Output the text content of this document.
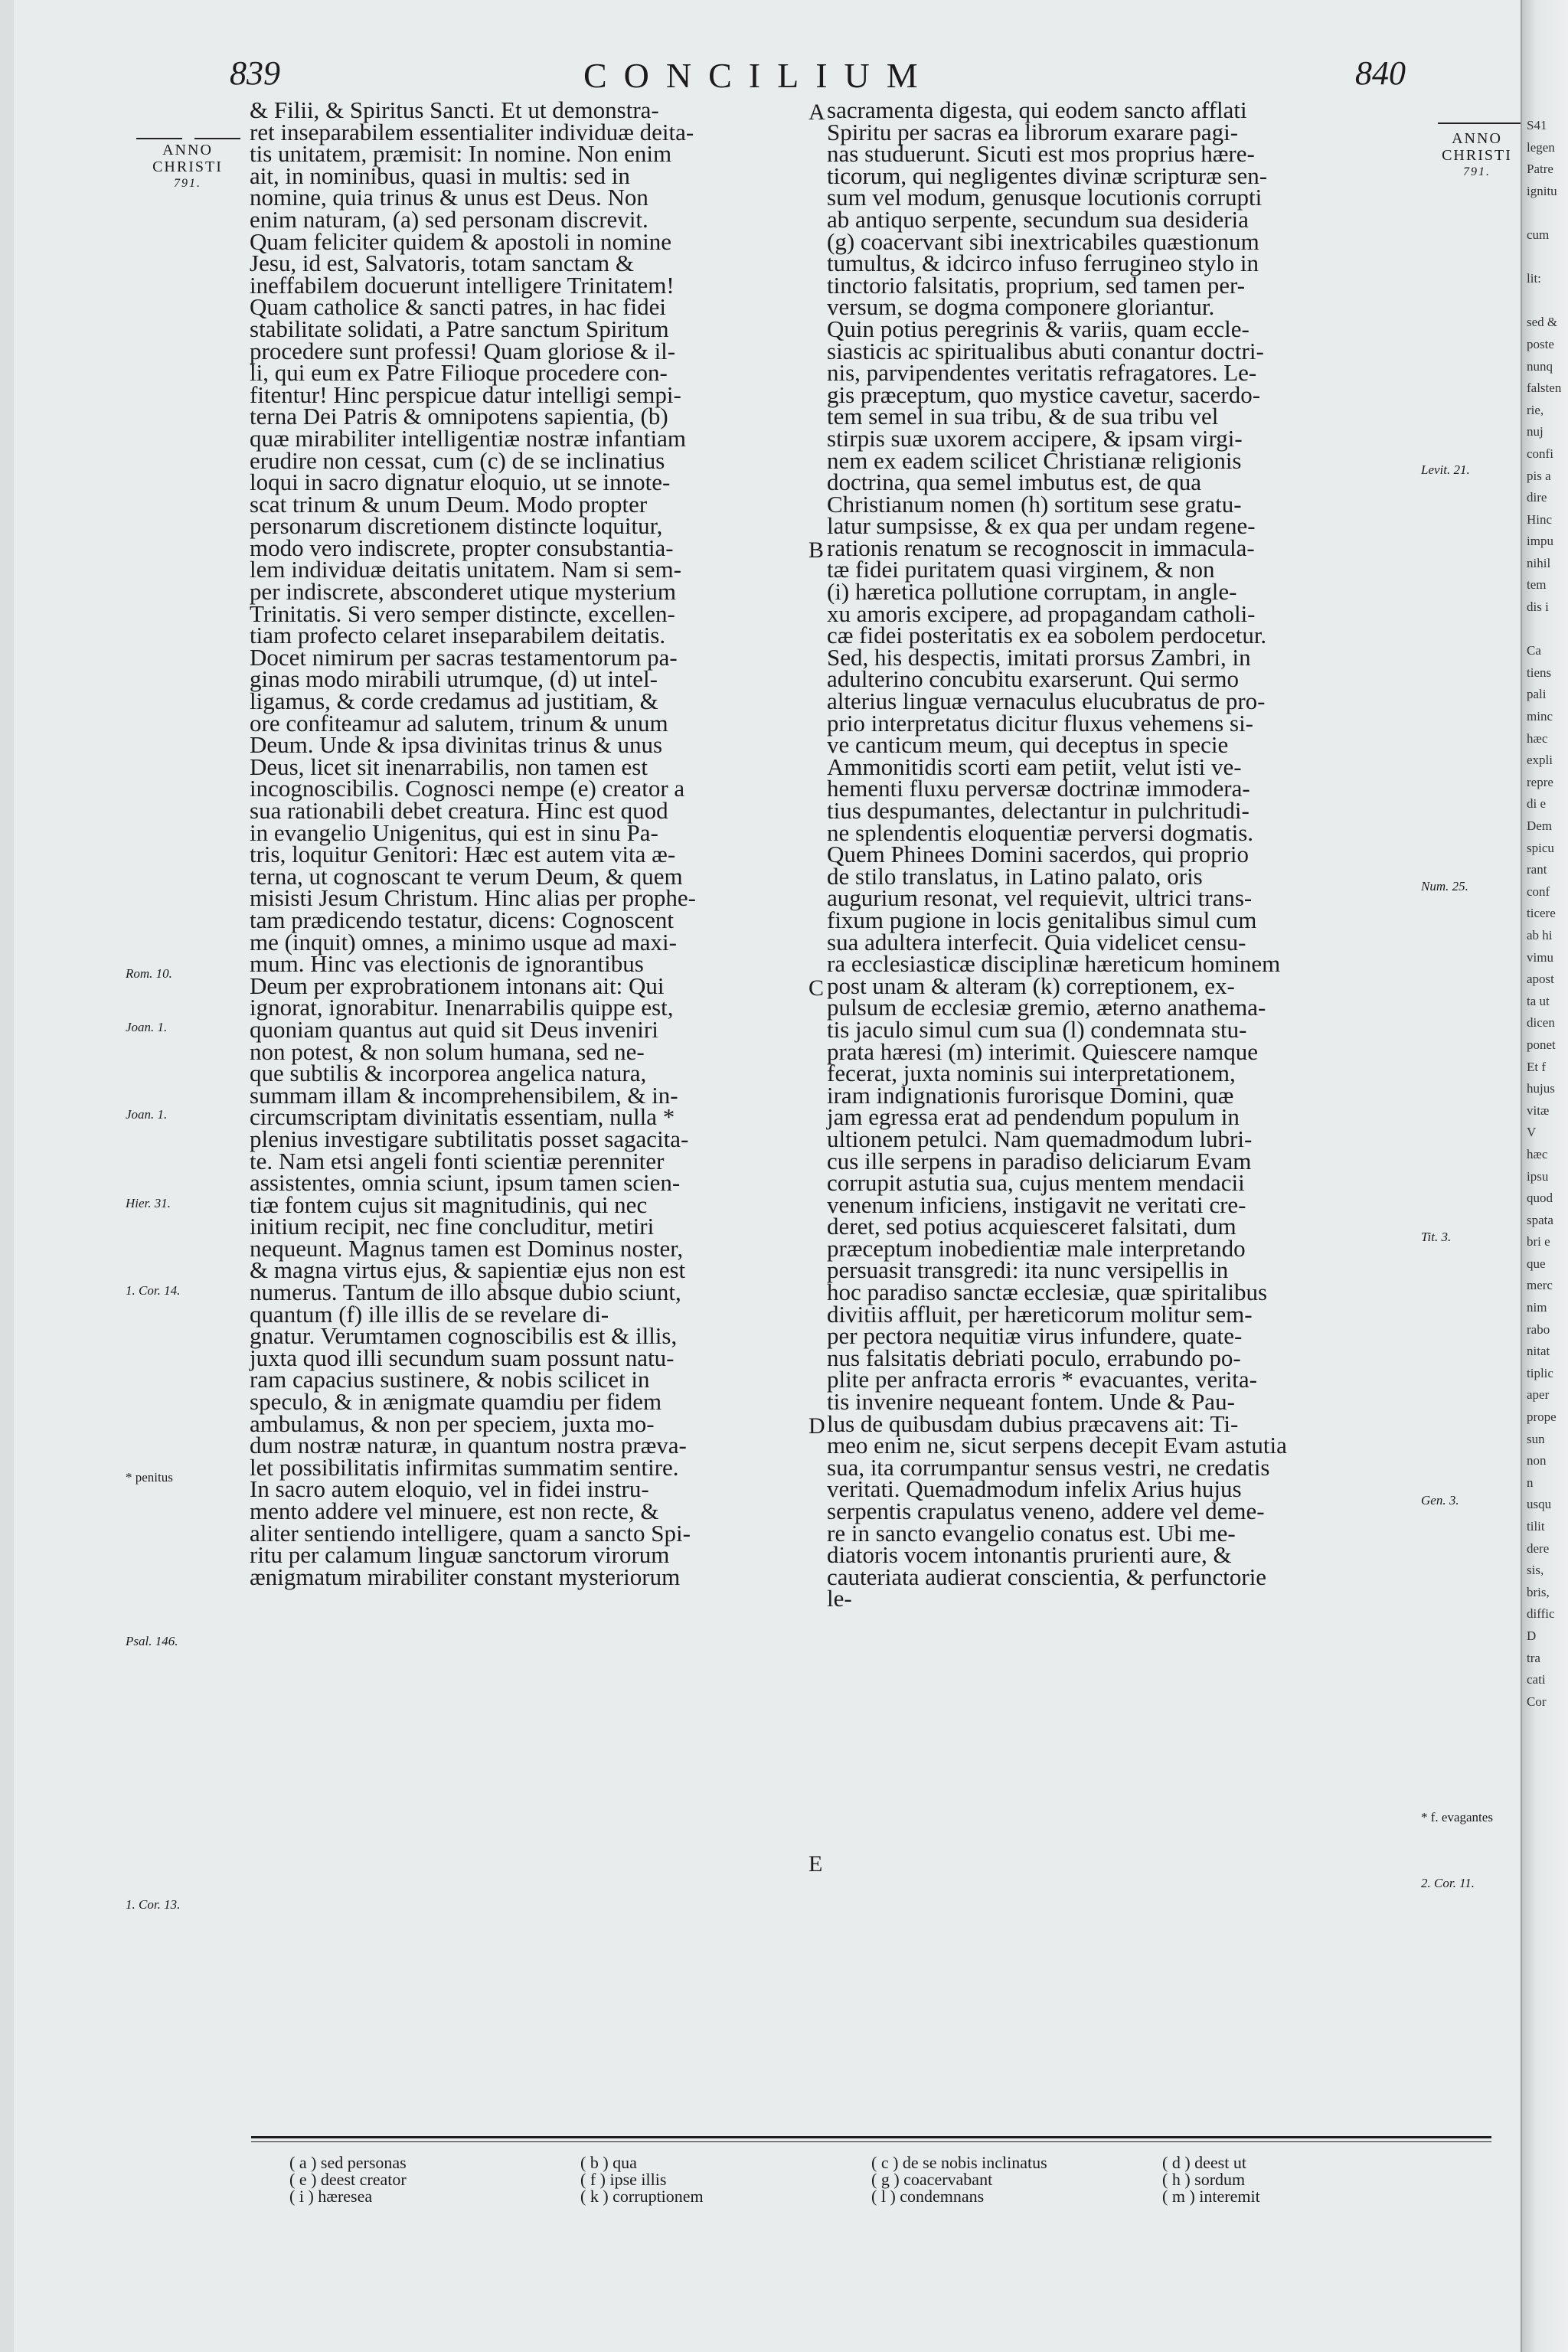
839	CONCILIUM	840
ANNO
CHRISTI
791.
ANNO
CHRISTI
791.
& Filii, & Spiritus Sancti. Et ut demonstra-
ret inseparabilem essentialiter individuæ deita-
tis unitatem, præmisit: In nomine. Non enim
ait, in nominibus, quasi in multis: sed in
nomine, quia trinus & unus est Deus. Non
enim naturam, (a) sed personam discrevit.
Quam feliciter quidem & apostoli in nomine
Jesu, id est, Salvatoris, totam sanctam &
ineffabilem docuerunt intelligere Trinitatem!
Quam catholice & sancti patres, in hac fidei
stabilitate solidati, a Patre sanctum Spiritum
procedere sunt professi! Quam gloriose & il-
li, qui eum ex Patre Filioque procedere con-
fitentur! Hinc perspicue datur intelligi sempi-
terna Dei Patris & omnipotens sapientia, (b)
quæ mirabiliter intelligentiæ nostræ infantiam
erudire non cessat, cum (c) de se inclinatius
loqui in sacro dignatur eloquio, ut se innote-
scat trinum & unum Deum. Modo propter
personarum discretionem distincte loquitur,
modo vero indiscrete, propter consubstantia-
lem individuæ deitatis unitatem. Nam si sem-
per indiscrete, absconderet utique mysterium
Trinitatis. Si vero semper distincte, excellen-
tiam profecto celaret inseparabilem deitatis.
Docet nimirum per sacras testamentorum pa-
ginas modo mirabili utrumque, (d) ut intel-
ligamus, & corde credamus ad justitiam, &
ore confiteamur ad salutem, trinum & unum
Deum. Unde & ipsa divinitas trinus & unus
Deus, licet sit inenarrabilis, non tamen est
incognoscibilis. Cognosci nempe (e) creator a
sua rationabili debet creatura. Hinc est quod
in evangelio Unigenitus, qui est in sinu Pa-
tris, loquitur Genitori: Hæc est autem vita æ-
terna, ut cognoscant te verum Deum, & quem
misisti Jesum Christum. Hinc alias per prophe-
tam prædicendo testatur, dicens: Cognoscent
me (inquit) omnes, a minimo usque ad maxi-
mum. Hinc vas electionis de ignorantibus
Deum per exprobrationem intonans ait: Qui
ignorat, ignorabitur. Inenarrabilis quippe est,
quoniam quantus aut quid sit Deus inveniri
non potest, & non solum humana, sed ne-
que subtilis & incorporea angelica natura,
summam illam & incomprehensibilem, & in-
circumscriptam divinitatis essentiam, nulla *
plenius investigare subtilitatis posset sagacita-
te. Nam etsi angeli fonti scientiæ perenniter
assistentes, omnia sciunt, ipsum tamen scien-
tiæ fontem cujus sit magnitudinis, qui nec
initium recipit, nec fine concluditur, metiri
nequeunt. Magnus tamen est Dominus noster,
& magna virtus ejus, & sapientiæ ejus non est
numerus. Tantum de illo absque dubio sciunt,
quantum (f) ille illis de se revelare di-
gnatur. Verumtamen cognoscibilis est & illis,
juxta quod illi secundum suam possunt natu-
ram capacius sustinere, & nobis scilicet in
speculo, & in ænigmate quamdiu per fidem
ambulamus, & non per speciem, juxta mo-
dum nostræ naturæ, in quantum nostra præva-
let possibilitatis infirmitas summatim sentire.
In sacro autem eloquio, vel in fidei instru-
mento addere vel minuere, est non recte, &
aliter sentiendo intelligere, quam a sancto Spi-
ritu per calamum linguæ sanctorum virorum
ænigmatum mirabiliter constant mysteriorum
sacramenta digesta, qui eodem sancto afflati
Spiritu per sacras ea librorum exarare pagi-
nas studuerunt. Sicuti est mos proprius hære-
ticorum, qui negligentes divinæ scripturæ sen-
sum vel modum, genusque locutionis corrupti
ab antiquo serpente, secundum sua desideria
(g) coacervant sibi inextricabiles quæstionum
tumultus, & idcirco infuso ferrugineo stylo in
tinctorio falsitatis, proprium, sed tamen per-
versum, se dogma componere gloriantur.
Quin potius peregrinis & variis, quam eccle-
siasticis ac spiritualibus abuti conantur doctri-
nis, parvipendentes veritatis refragatores. Le-
gis præceptum, quo mystice cavetur, sacerdo-
tem semel in sua tribu, & de sua tribu vel
stirpis suæ uxorem accipere, & ipsam virgi-
nem ex eadem scilicet Christianæ religionis
doctrina, qua semel imbutus est, de qua
Christianum nomen (h) sortitum sese gratu-
latur sumpsisse, & ex qua per undam regene-
rationis renatum se recognoscit in immacula-
tæ fidei puritatem quasi virginem, & non
(i) hæretica pollutione corruptam, in angle-
xu amoris excipere, ad propagandam catholi-
cæ fidei posteritatis ex ea sobolem perdocetur.
Sed, his despectis, imitati prorsus Zambri, in
adulterino concubitu exarserunt. Qui sermo
alterius linguæ vernaculus elucubratus de pro-
prio interpretatus dicitur fluxus vehemens si-
ve canticum meum, qui deceptus in specie
Ammonitidis scorti eam petiit, velut isti ve-
hementi fluxu perversæ doctrinæ immodera-
tius despumantes, delectantur in pulchritudi-
ne splendentis eloquentiæ perversi dogmatis.
Quem Phinees Domini sacerdos, qui proprio
de stilo translatus, in Latino palato, oris
augurium resonat, vel requievit, ultrici trans-
fixum pugione in locis genitalibus simul cum
sua adultera interfecit. Quia videlicet censu-
ra ecclesiasticæ disciplinæ hæreticum hominem
post unam & alteram (k) correptionem, ex-
pulsum de ecclesiæ gremio, æterno anathema-
tis jaculo simul cum sua (l) condemnata stu-
prata hæresi (m) interimit. Quiescere namque
fecerat, juxta nominis sui interpretationem,
iram indignationis furorisque Domini, quæ
jam egressa erat ad pendendum populum in
ultionem petulci. Nam quemadmodum lubri-
cus ille serpens in paradiso deliciarum Evam
corrupit astutia sua, cujus mentem mendacii
venenum inficiens, instigavit ne veritati cre-
deret, sed potius acquiesceret falsitati, dum
præceptum inobedientiæ male interpretando
persuasit transgredi: ita nunc versipellis in
hoc paradiso sanctæ ecclesiæ, quæ spiritalibus
divitiis affluit, per hæreticorum molitur sem-
per pectora nequitiæ virus infundere, quate-
nus falsitatis debriati poculo, errabundo po-
plite per anfracta erroris * evacuantes, verita-
tis invenire nequeant fontem. Unde & Pau-
lus de quibusdam dubius præcavens ait: Ti-
meo enim ne, sicut serpens decepit Evam astutia
sua, ita corrumpantur sensus vestri, ne credatis
veritati. Quemadmodum infelix Arius hujus
serpentis crapulatus veneno, addere vel deme-
re in sancto evangelio conatus est. Ubi me-
diatoris vocem intonantis prurienti aure, &
cauteriata audierat conscientia, & perfunctorie
le-
A
B
C
D
E
Rom. 10.
Joan. 1.
Joan. 1.
Hier. 31.
1. Cor. 14.
* penitus
Psal. 146.
1. Cor. 13.
Levit. 21.
Num. 25.
Tit. 3.
Gen. 3.
* f. evagantes
2. Cor. 11.
( a ) sed personas	( b ) qua	( c ) de se nobis inclinatus	( d ) deest ut
( e ) deest creator	( f ) ipse illis	( g ) coacervabant	( h ) sordum
( i ) hæresea	( k ) corruptionem	( l ) condemnans	( m ) interemit
S41
legen
Patre
ignitu

cum

lit:

sed &
poste
nunq
falsten
rie,
nuj
confi
pis a
dire
Hinc
impu
nihil
tem
dis i

Ca
tiens
pali
minc
hæc
expli
repre
di e
Dem
spicu
rant
conf
ticere
ab hi
vimu
apost
ta ut
dicen
ponet
Et f
hujus
vitæ
V
hæc
ipsu
quod
spata
bri e
que
merc
nim
rabo
nitat
tiplic
aper
prope
sun
non
n
usqu
tilit
dere
sis,
bris,
diffic
D
tra
cati
Cor
